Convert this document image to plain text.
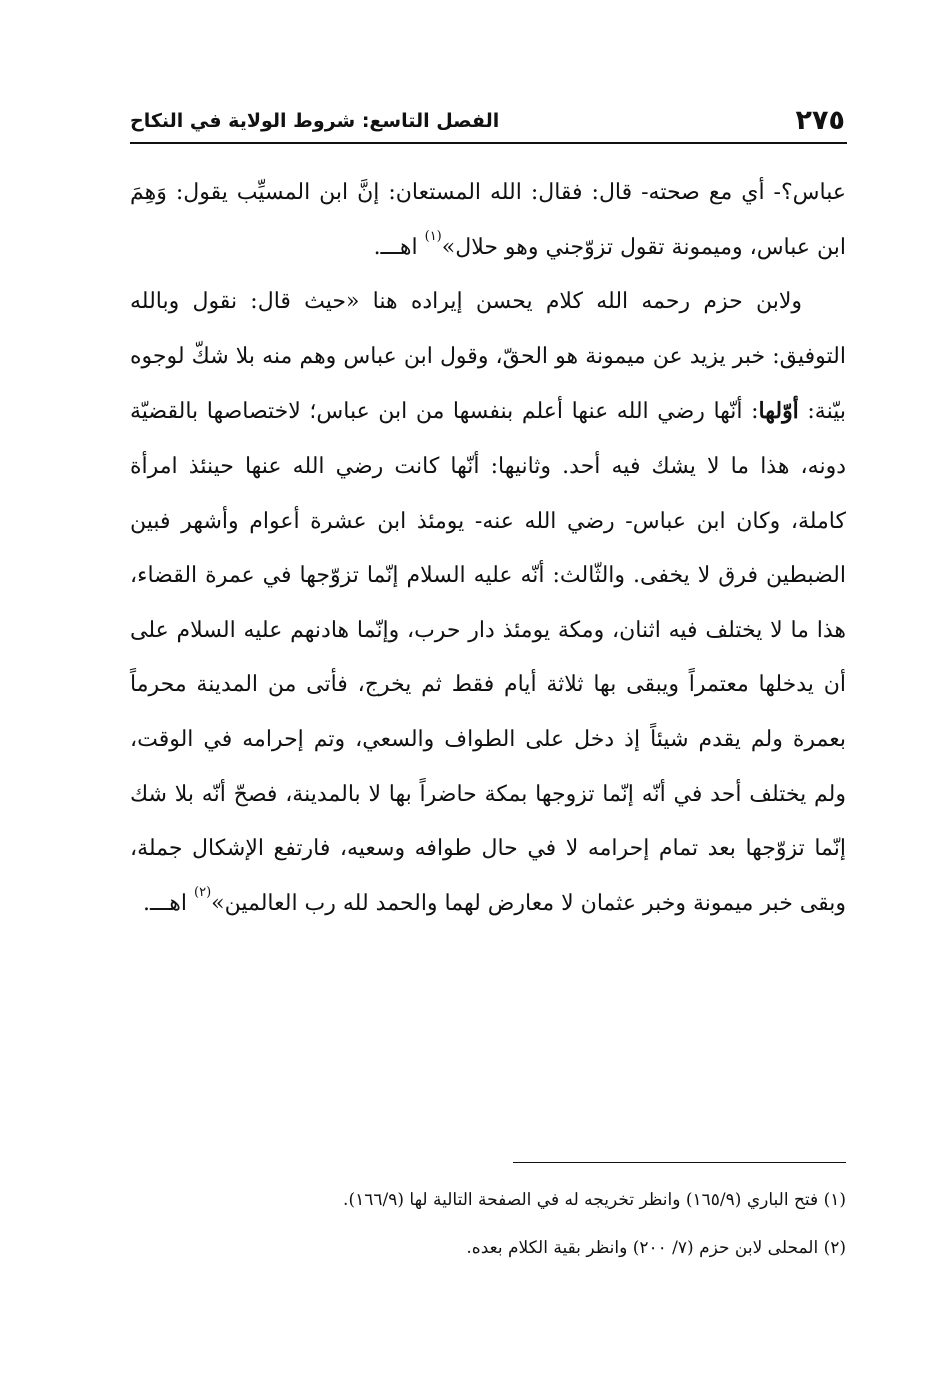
٢٧٥
الفصل التاسع: شروط الولاية في النكاح

عباس؟- أي مع صحته- قال: فقال: الله المستعان: إنَّ ابن المسيِّب يقول: وَهِمَ ابن عباس، وميمونة تقول تزوّجني وهو حلال»$^{(١)}$ اهـــ.

ولابن حزم رحمه الله كلام يحسن إيراده هنا «حيث قال: نقول وبالله التوفيق: خبر يزيد عن ميمونة هو الحقّ، وقول ابن عباس وهم منه بلا شكّ لوجوه بيّنة: أوّلها: أنّها رضي الله عنها أعلم بنفسها من ابن عباس؛ لاختصاصها بالقضيّة دونه، هذا ما لا يشك فيه أحد. وثانيها: أنّها كانت رضي الله عنها حينئذ امرأة كاملة، وكان ابن عباس- رضي الله عنه- يومئذ ابن عشرة أعوام وأشهر فبين الضبطين فرق لا يخفى. والثّالث: أنّه عليه السلام إنّما تزوّجها في عمرة القضاء، هذا ما لا يختلف فيه اثنان، ومكة يومئذ دار حرب، وإنّما هادنهم عليه السلام على أن يدخلها معتمراً ويبقى بها ثلاثة أيام فقط ثم يخرج، فأتى من المدينة محرماً بعمرة ولم يقدم شيئاً إذ دخل على الطواف والسعي، وتم إحرامه في الوقت، ولم يختلف أحد في أنّه إنّما تزوجها بمكة حاضراً بها لا بالمدينة، فصحّ أنّه بلا شك إنّما تزوّجها بعد تمام إحرامه لا في حال طوافه وسعيه، فارتفع الإشكال جملة، وبقى خبر ميمونة وخبر عثمان لا معارض لهما والحمد لله رب العالمين»$^{(٢)}$ اهـــ.

(١) فتح الباري (١٦٥/٩) وانظر تخريجه له في الصفحة التالية لها (١٦٦/٩).

(٢) المحلى لابن حزم (٧/ ٢٠٠) وانظر بقية الكلام بعده.
